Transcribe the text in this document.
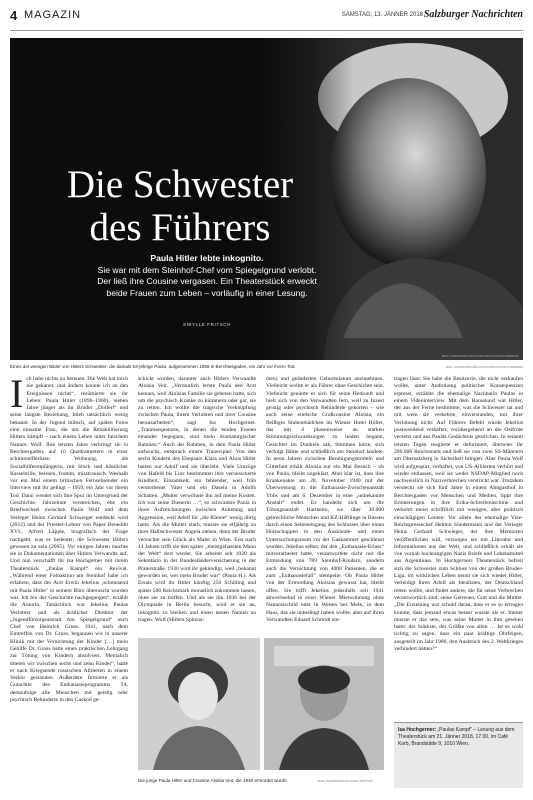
4 MAGAZIN	SAMSTAG, 13. JÄNNER 2018 Salzburger Nachrichten
Die Schwester
des Führers

Paula Hitler lebte inkognito.
Sie war mit dem Steinhof-Chef vom Spiegelgrund verlobt. Der ließ ihre Cousine vergasen. Ein Theaterstück erweckt beide Frauen zum Leben – vorläufig in einer Lesung.

SIBYLLE FRITSCH
BILD: SN/PRIVATE ARCHIVE/TOPFOTO/PICTUREDESK
Eines der wenigen Bilder von Hitlers Schwester: die damals 63-jährige Paula, aufgenommen 1959 in Berchtesgaden, ein Jahr vor ihrem Tod.	BILD: SN/PRIVATE ARCHIVE/TOPFOTO/PICTUREDESK
I ch habe nichts zu bereuen. Die Welt hat mich nie gekannt, und ändern konnte ich an den Ereignissen nichts“, resümierte sie ihr Leben: Paula Hitler (1896–1960), sieben Jahre jünger als ihr Bruder „Dolferl“ und seine längste Beziehung, blieb tatsächlich wenig bekannt. In der Jugend hübsch, auf späten Fotos eine einsame Frau, die um die Rehabilitierung Hitlers kämpft – nach einem Leben unter falschem Namen: Wolf. Ihre letzten Jahre verbringt sie in Berchtesgaden, auf 16 Quadratmetern in einer schimmelfleckten Wohnung, als Sozialhilfeempfängerin, mit Stock und hässlicher Kassebrille, belesen, fromm, misstrauisch. Weshalb vor ein Mal einem britischen Fernsehsender ein Interview mit ihr gelingt – 1959, ein Jahr vor ihrem Tod. Dann wendet sich ihre Spur im Untergrund der Geschichte. Jahrzehnte verstreichen, ehe ein Briefwechsel zwischen Paula Wolf und dem Verleger Heinz Gerhard Schwieger entdeckt wird (2012) und der Priester-Lehrer von Paper Benedikt XVI., Alfred Läpple, biografisch der Frage nachgeht, was es bedeutet, die Schwester Hitlers gewesen zu sein (2005). Vor einigen Jahren tauchte sie in Dokumentationen über Hitlers Verwandte auf. Und nun verschafft ihr Isa Hochgerner mit ihrem Theaterstück „Paulas Kampf“ ein Revival. „Während einer Fotoaktion am Steinhof habe ich erfahren, dass der Arzt Erwin Jekelius ‚schmusend mit Paula Hitler‘ in seinem Büro überrascht worden war. Ich bin der Geschichte nachgegangen“, erzählt die Autorin. Tatsächlich war Jekelius Paulas Verlobter und als ärztlicher Direktor der „Jugendfürsorgeanstalt Am Spiegelgrund“ auch Chef von Heinrich Gross. 1941, nach dem Eintreffen von Dr. Gross, begannen wir in unserer Klinik mit der Vernichtung der Kinder […] mein Gehilfe Dr. Gross hatte einen praktischen Lehrgang zur Tötung von Kindern absolviert. Mentalich töteten wir zwischen sechs und zehn Kinder“, hatte er nach Kriegsende russischen Alliierten in einem Verhör gestanden. Außerdem firmierte er als Gutachter des Euthanasieprogramms T4, demzufolge alle Menschen mit geistig oder psychisch Behinderte in den Gaskod ge-

schickt wurden, darunter auch Hitlers Verwandte Aloisia Veit. „Vermutlich lernte Paula den Arzt kennen, weil Aloisias Familie sie gebeten hatte, sich um die psychisch Kranke zu kümmern oder gar, sie zu retten. Ich wollte die tragische Verknüpfung zwischen Paula, ihrem Verlobten und ihrer Cousine herausarbeiten“, sagt Isa Hochgerner. „Traumsequenzen, in denen die beiden Frauen einander begegnen, sind mein dramaturgischer Rahmen.“ Auch der Rahmen, in dem Paula Hitler aufwuchs, entsprach einem Trauerspiel: Von den sechs Kindern des Ehepaars Klara und Alois Hitler hatten nur Adolf und sie überlebt. Viele Umzüge von Hafeld bis Linz bestimmten ihre verunsicherte Kindheit, Einsamkeit, ein fehlender, weil früh verstorbener Vater und ein Dasein in Adolfs Schatten. „Mutter verwöhnte ihn auf meine Kosten. Ich war seine Dienerin …“, so schwankte Paula in ihren Aufzeichnungen zwischen Anbetung und Aggression, weil Adolf für „die Kleine“ wenig übrig hatte. Als die Mutter starb, musste sie elfjährig zu ihrer Halbschwester Angela ziehen, denn der Bruder versuchte sein Glück als Maler in Wien. Erst nach 14 Jahren trifft sie den später „meistgehassten Mann der Welt“ dort wieder. Sie arbeitet seit 1920 als Sekretärin in der Bundesländerversicherung in der Praterstraße. 1930 wird ihr gekündigt, weil „bekannt geworden ist, wer mein Bruder war“ (Paula H.). Als Ersatz wird ihr Hitler künftig 250 Schilling und später 500 Reichsmark monatlich zukommen lassen, ohne sie zu treffen. Und als sie ihn 1936 bei der Olympiade in Berlin besucht, wird er sie an, inkognito zu bleiben und einen neuen Namen zu tragen: Wolf (Hitlers Spitzna-

men) und geänderten Geburtsdatum anzunehmen. Vielleicht wollte er als Führer ohne Geschichte sein. Vielleicht genierte er sich für seine Herkunft und hielt sich von den Verwandten fern, weil zu Inzest geistig oder psychisch Behinderte gehörten – wie auch seine eitelsche Großcousine Aloisia, ein fleißiges Stubenmädchen im Wiener Hotel Höller, das mit 4 phasenweise an starken Stimmungsschwankungen zu leiden begann, Gesichter im Dunkeln sah, Stimmen hörte, sich verfolgt fühlte und schließlich am Steinhof landete. In neun Jahren zwischen Beruhigungsmitteln und Gitterbett erhält Aloisia nur ein Mal Besuch – ob von Paula, bleibt ungeklärt. Aber klar ist, dass ihre Krankenakte am 28. November 1940 mit der Überweisung in die Euthanasie-Zwischenanstalt Ybbs und am 6. Dezember in eine „unbekannte Anstalt“ endet. Es handelte sich um die Tötungsanstalt Hartheim, wo über 30.000 gebrechliche Menschen und KZ-Häftlinge in Bussen durch einen Seiteneingang des Schlosses über einen Holzschuppen in den Auskleide- und einen Untersuchungsraum vor der Gaskammer geschleust wurden. Jekelius selbst, der den „Euthanasie-Erlass“ mitverarbeitet hatte, verantwortete nicht nur die Ermordung von 789 Steinhof-Kindern, sondern auch die Vernichtung von 4000 Patienten, die er zum „Euthanasiefall“ stempelte. Ob Paula Hitler von der Ermordung Aloisias gewusst hat, bleibt offen. Sie trifft Jekelius jedenfalls seit 1941 abwechselnd in einer Wiener Mietwohnung ohne Namensschild oder in Weiten bei Melk, in dem Haus, das sie unbedingt haben wollte, aber auf ihren Verwandten Eduard Schmidt ein-

tragen lässt. Sie habe die Besitzerin, die nicht verkaufen wollte, unter Androhung politischer Konsequenzen erpresst, erzählte die ehemalige Nachbarin Paulas in einem Videointerview. Mit dem Hausskauf war Hitler, der aus der Ferne bestimmte, was die Schwester tat und mit wem sie verkehrte, einverstanden, mit ihrer Verlobung nicht: Auf Führers Befehl wurde Jekelius postwendend verhaftet, vorübergehend an die Ostfront versetzt und aus Paulas Gedächtnis gestrichen. In seinem letzten Tagen reagierte er deformiert, überwies ihr 200.000 Reichsmark und ließ sie von zwei SS-Männern am Obersalzberg in Sicherheit bringen. Aber Paula Wolf wird aufgespürt, verhaftet, von US-Alliierten verhört und wieder entlassen, weil sie weder NSDAP-Mitglied noch nachweislich in Naziverbrechen verstrickt war. Trotzdem versteckt sie sich fünf Jahre in einem Almgasthof in Berchtesgaden vor Menschen und Medien, tippt ihre Erinnerungen in ihre Erika-Schreibmaschine und verkehrt meist schriftlich mit wenigen, aber politisch einschlägigen Leuten: Vor allem der ehemalige Vize-Reichspressechef Helmut Sündermann und der Verleger Heinz Gerhard Schwieger, der ihre Memoiren veröffentlichen will, versorgen sie mit Literatur und Informationen aus der Welt, und schließlich erhält sie von vornab hochrangigen Nazis Briefe und Lebensmittel aus Argentinien. In Hochgerners Theaterstück befreit sich die Schwester zum Schluss von der großen Bruder-Liga, im wirklichen Leben nennt sie sich wieder Hitler, verteidigt ihren Adolf als Idealisten, der Deutschland retten wollte, und findet andere, die für seine Verbrechen verantwortlich sind: seine Getreuen, Gott und die Mutter. „Die Erziehung war schuld daran, dass er es so ertragen konnte, dass jemand etwas besser wusste als er. Immer musste er das sein, was seine Mutter in ihm gesehen hatte: der Stärkste, der Größte von allen … Ist es wohl richtig zu sagen, dass ein paar kräftige Ohrfeigen, ausgeteilt im Jahr 1900, den Ausbruch des 2. Weltkrieges verhindert hätten?“

Die junge Paula Hitler und Cousine Aloisia Veit, die 1940 ermordet wurde.	BILD: SN/PRIVATE ARCHIVE, TWITTER
Isa Hochgerner: „Paulas Kampf“ – Lesung aus dem Theaterstück am 21. Jänner 2018, 17.00, im Café Korb, Brandstätte 9, 1010 Wien.
